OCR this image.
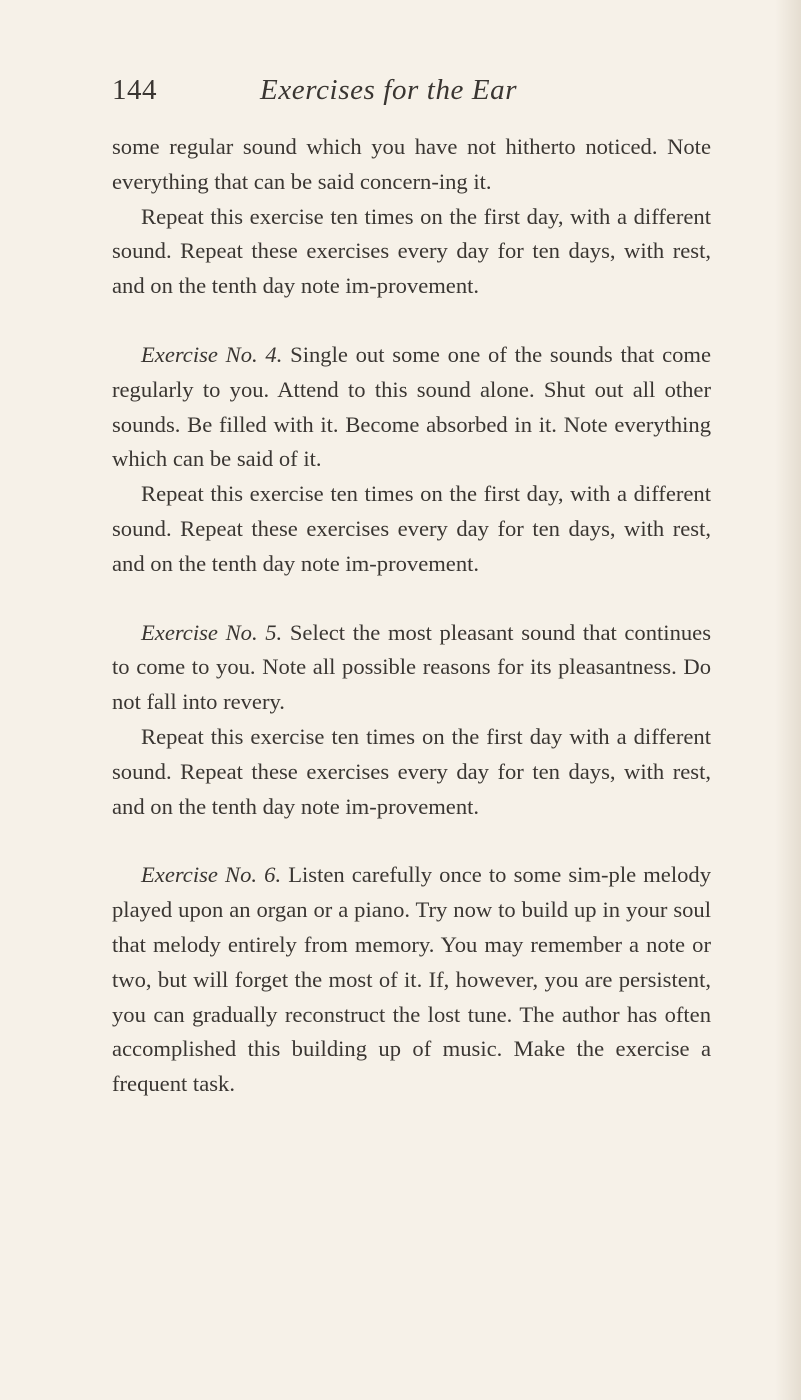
144	Exercises for the Ear

some regular sound which you have not hitherto noticed. Note everything that can be said concern-ing it.

Repeat this exercise ten times on the first day, with a different sound. Repeat these exercises every day for ten days, with rest, and on the tenth day note im-provement.

Exercise No. 4. Single out some one of the sounds that come regularly to you. Attend to this sound alone. Shut out all other sounds. Be filled with it. Become absorbed in it. Note everything which can be said of it.

Repeat this exercise ten times on the first day, with a different sound. Repeat these exercises every day for ten days, with rest, and on the tenth day note im-provement.

Exercise No. 5. Select the most pleasant sound that continues to come to you. Note all possible reasons for its pleasantness. Do not fall into revery.

Repeat this exercise ten times on the first day with a different sound. Repeat these exercises every day for ten days, with rest, and on the tenth day note im-provement.

Exercise No. 6. Listen carefully once to some sim-ple melody played upon an organ or a piano. Try now to build up in your soul that melody entirely from memory. You may remember a note or two, but will forget the most of it. If, however, you are persistent, you can gradually reconstruct the lost tune. The author has often accomplished this building up of music. Make the exercise a frequent task.
